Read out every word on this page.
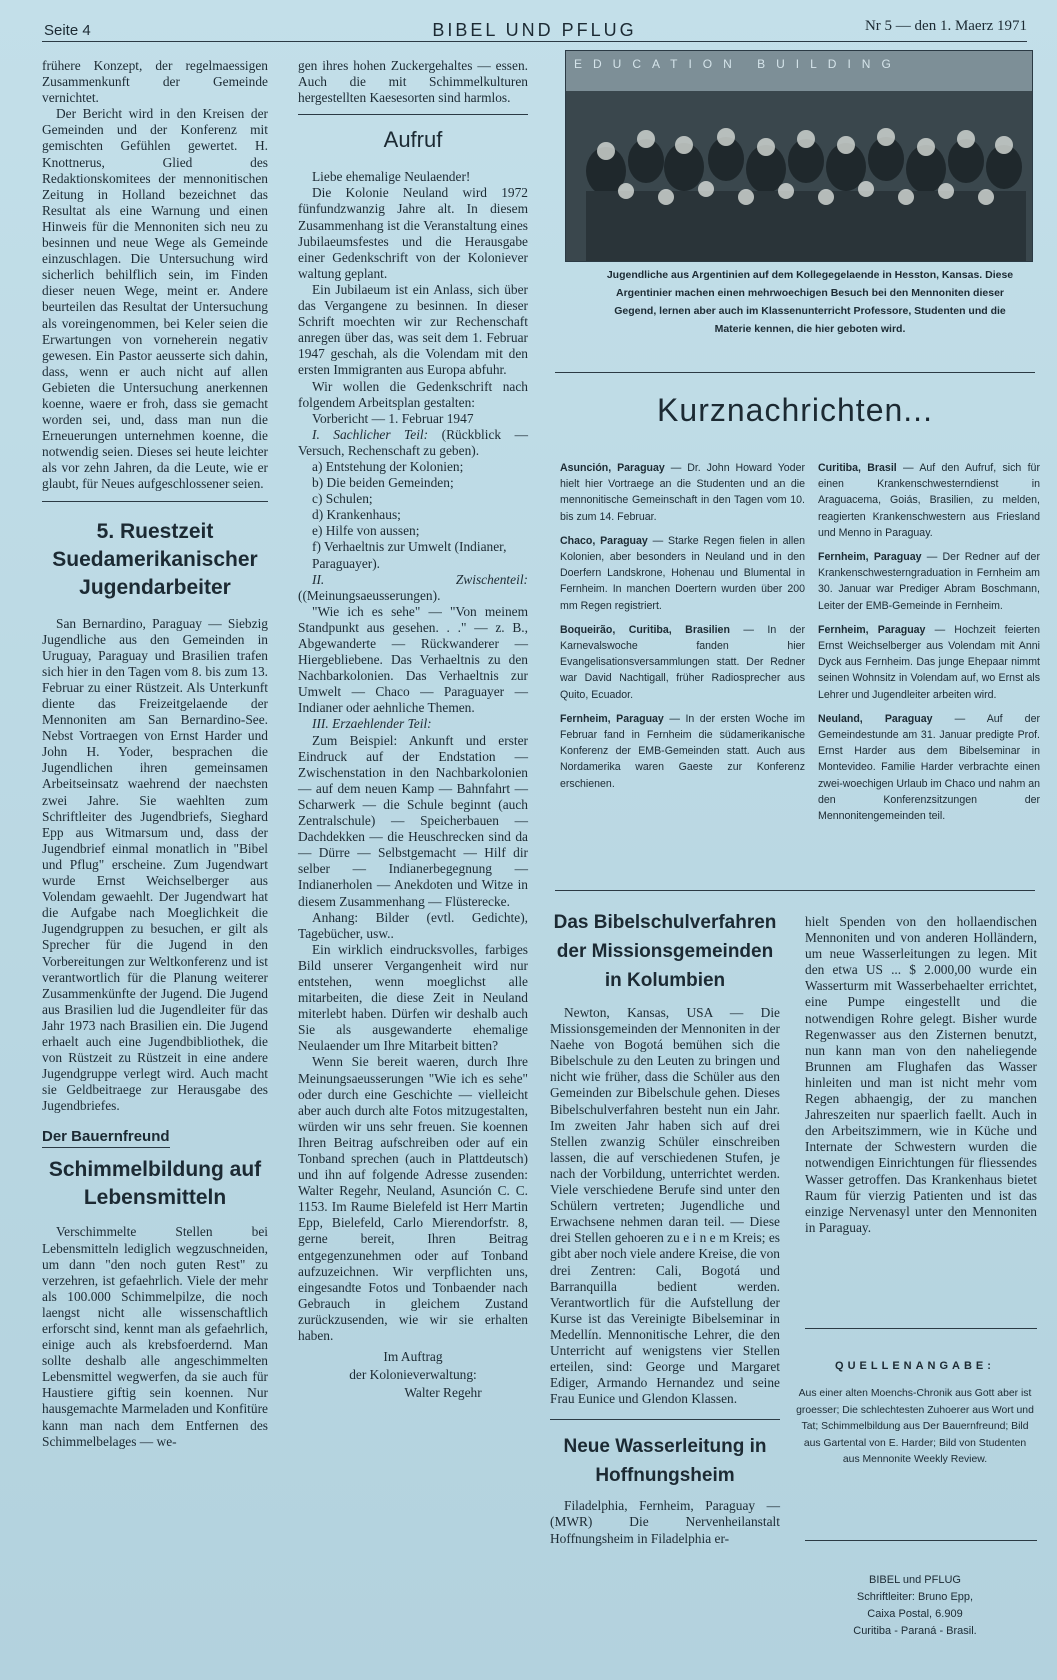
Seite 4	BIBEL UND PFLUG	Nr 5 — den 1. Maerz 1971

frühere Konzept, der regelmaessigen Zusammenkunft der Gemeinde vernichtet.

Der Bericht wird in den Kreisen der Gemeinden und der Konferenz mit gemischten Gefühlen gewertet. H. Knottnerus, Glied des Redaktionskomitees der mennonitischen Zeitung in Holland bezeichnet das Resultat als eine Warnung und einen Hinweis für die Mennoniten sich neu zu besinnen und neue Wege als Gemeinde einzuschlagen. Die Untersuchung wird sicherlich behilflich sein, im Finden dieser neuen Wege, meint er. Andere beurteilen das Resultat der Untersuchung als voreingenommen, bei Keler seien die Erwartungen von vorneherein negativ gewesen. Ein Pastor aeusserte sich dahin, dass, wenn er auch nicht auf allen Gebieten die Untersuchung anerkennen koenne, waere er froh, dass sie gemacht worden sei, und, dass man nun die Erneuerungen unternehmen koenne, die notwendig seien. Dieses sei heute leichter als vor zehn Jahren, da die Leute, wie er glaubt, für Neues aufgeschlossener seien.

5. Ruestzeit Suedamerikanischer Jugendarbeiter

San Bernardino, Paraguay — Siebzig Jugendliche aus den Gemeinden in Uruguay, Paraguay und Brasilien trafen sich hier in den Tagen vom 8. bis zum 13. Februar zu einer Rüstzeit. Als Unterkunft diente das Freizeitgelaende der Mennoniten am San Bernardino-See. Nebst Vortraegen von Ernst Harder und John H. Yoder, besprachen die Jugendlichen ihren gemeinsamen Arbeitseinsatz waehrend der naechsten zwei Jahre. Sie waehlten zum Schriftleiter des Jugendbriefs, Sieghard Epp aus Witmarsum und, dass der Jugendbrief einmal monatlich in "Bibel und Pflug" erscheine. Zum Jugendwart wurde Ernst Weichselberger aus Volendam gewaehlt. Der Jugendwart hat die Aufgabe nach Moeglichkeit die Jugendgruppen zu besuchen, er gilt als Sprecher für die Jugend in den Vorbereitungen zur Weltkonferenz und ist verantwortlich für die Planung weiterer Zusammenkünfte der Jugend. Die Jugend aus Brasilien lud die Jugendleiter für das Jahr 1973 nach Brasilien ein. Die Jugend erhaelt auch eine Jugendbibliothek, die von Rüstzeit zu Rüstzeit in eine andere Jugendgruppe verlegt wird. Auch macht sie Geldbeitraege zur Herausgabe des Jugendbriefes.

Der Bauernfreund
Schimmelbildung auf Lebensmitteln

Verschimmelte Stellen bei Lebensmitteln lediglich wegzuschneiden, um dann "den noch guten Rest" zu verzehren, ist gefaehrlich. Viele der mehr als 100.000 Schimmelpilze, die noch laengst nicht alle wissenschaftlich erforscht sind, kennt man als gefaehrlich, einige auch als krebsfoerdernd. Man sollte deshalb alle angeschimmelten Lebensmittel wegwerfen, da sie auch für Haustiere giftig sein koennen. Nur hausgemachte Marmeladen und Konfitüre kann man nach dem Entfernen des Schimmelbelages — we-

gen ihres hohen Zuckergehaltes — essen. Auch die mit Schimmelkulturen hergestellten Kaesesorten sind harmlos.

Aufruf

Liebe ehemalige Neulaender!

Die Kolonie Neuland wird 1972 fünfundzwanzig Jahre alt. In diesem Zusammenhang ist die Veranstaltung eines Jubilaeumsfestes und die Herausgabe einer Gedenkschrift von der Koloniever waltung geplant.

Ein Jubilaeum ist ein Anlass, sich über das Vergangene zu besinnen. In dieser Schrift moechten wir zur Rechenschaft anregen über das, was seit dem 1. Februar 1947 geschah, als die Volendam mit den ersten Immigranten aus Europa abfuhr.

Wir wollen die Gedenkschrift nach folgendem Arbeitsplan gestalten:

Vorbericht — 1. Februar 1947

I. Sachlicher Teil: (Rückblick — Versuch, Rechenschaft zu geben).

a) Entstehung der Kolonien;
b) Die beiden Gemeinden;
c) Schulen;
d) Krankenhaus;
e) Hilfe von aussen;
f) Verhaeltnis zur Umwelt (Indianer, Paraguayer).

II. Zwischenteil: ((Meinungsaeusserungen).

"Wie ich es sehe" — "Von meinem Standpunkt aus gesehen. . ." — z. B., Abgewanderte — Rückwanderer — Hiergebliebene. Das Verhaeltnis zu den Nachbarkolonien. Das Verhaeltnis zur Umwelt — Chaco — Paraguayer — Indianer oder aehnliche Themen.

III. Erzaehlender Teil:

Zum Beispiel: Ankunft und erster Eindruck auf der Endstation — Zwischenstation in den Nachbarkolonien — auf dem neuen Kamp — Bahnfahrt — Scharwerk — die Schule beginnt (auch Zentralschule) — Speicherbauen — Dachdekken — die Heuschrecken sind da — Dürre — Selbstgemacht — Hilf dir selber — Indianerbegegnung — Indianerholen — Anekdoten und Witze in diesem Zusammenhang — Flüsterecke.

Anhang: Bilder (evtl. Gedichte), Tagebücher, usw..

Ein wirklich eindrucksvolles, farbiges Bild unserer Vergangenheit wird nur entstehen, wenn moeglichst alle mitarbeiten, die diese Zeit in Neuland miterlebt haben. Dürfen wir deshalb auch Sie als ausgewanderte ehemalige Neulaender um Ihre Mitarbeit bitten?

Wenn Sie bereit waeren, durch Ihre Meinungsaeusserungen "Wie ich es sehe" oder durch eine Geschichte — vielleicht aber auch durch alte Fotos mitzugestalten, würden wir uns sehr freuen. Sie koennen Ihren Beitrag aufschreiben oder auf ein Tonband sprechen (auch in Plattdeutsch) und ihn auf folgende Adresse zusenden: Walter Regehr, Neuland, Asunción C. C. 1153. Im Raume Bielefeld ist Herr Martin Epp, Bielefeld, Carlo Mierendorfstr. 8, gerne bereit, Ihren Beitrag entgegenzunehmen oder auf Tonband aufzuzeichnen. Wir verpflichten uns, eingesandte Fotos und Tonbaender nach Gebrauch in gleichem Zustand zurückzusenden, wie wir sie erhalten haben.

Im Auftrag
der Kolonieverwaltung:
Walter Regehr
EDUCATION BUILDING
Jugendliche aus Argentinien auf dem Kollegegelaende in Hesston, Kansas. Diese Argentinier machen einen mehrwoechigen Besuch bei den Mennoniten dieser Gegend, lernen aber auch im Klassenunterricht Professore, Studenten und die Materie kennen, die hier geboten wird.
Kurznachrichten...

Asunción, Paraguay — Dr. John Howard Yoder hielt hier Vortraege an die Studenten und an die mennonitische Gemeinschaft in den Tagen vom 10. bis zum 14. Februar.

Chaco, Paraguay — Starke Regen fielen in allen Kolonien, aber besonders in Neuland und in den Doerfern Landskrone, Hohenau und Blumental in Fernheim. In manchen Doertern wurden über 200 mm Regen registriert.

Boqueirão, Curitiba, Brasilien — In der Karnevalswoche fanden hier Evangelisationsversammlungen statt. Der Redner war David Nachtigall, früher Radiosprecher aus Quito, Ecuador.

Fernheim, Paraguay — In der ersten Woche im Februar fand in Fernheim die südamerikanische Konferenz der EMB-Gemeinden statt. Auch aus Nordamerika waren Gaeste zur Konferenz erschienen.

Curitiba, Brasil — Auf den Aufruf, sich für einen Krankenschwesterndienst in Araguacema, Goiás, Brasilien, zu melden, reagierten Krankenschwestern aus Friesland und Menno in Paraguay.

Fernheim, Paraguay — Der Redner auf der Krankenschwesterngraduation in Fernheim am 30. Januar war Prediger Abram Boschmann, Leiter der EMB-Gemeinde in Fernheim.

Fernheim, Paraguay — Hochzeit feierten Ernst Weichselberger aus Volendam mit Anni Dyck aus Fernheim. Das junge Ehepaar nimmt seinen Wohnsitz in Volendam auf, wo Ernst als Lehrer und Jugendleiter arbeiten wird.

Neuland, Paraguay — Auf der Gemeindestunde am 31. Januar predigte Prof. Ernst Harder aus dem Bibelseminar in Montevideo. Familie Harder verbrachte einen zwei-woechigen Urlaub im Chaco und nahm an den Konferenzsitzungen der Mennonitengemeinden teil.

Das Bibelschulverfahren der Missionsgemeinden in Kolumbien

Newton, Kansas, USA — Die Missionsgemeinden der Mennoniten in der Naehe von Bogotá bemühen sich die Bibelschule zu den Leuten zu bringen und nicht wie früher, dass die Schüler aus den Gemeinden zur Bibelschule gehen. Dieses Bibelschulverfahren besteht nun ein Jahr. Im zweiten Jahr haben sich auf drei Stellen zwanzig Schüler einschreiben lassen, die auf verschiedenen Stufen, je nach der Vorbildung, unterrichtet werden. Viele verschiedene Berufe sind unter den Schülern vertreten; Jugendliche und Erwachsene nehmen daran teil. — Diese drei Stellen gehoeren zu e i n e m Kreis; es gibt aber noch viele andere Kreise, die von drei Zentren: Cali, Bogotá und Barranquilla bedient werden. Verantwortlich für die Aufstellung der Kurse ist das Vereinigte Bibelseminar in Medellín. Mennonitische Lehrer, die den Unterricht auf wenigstens vier Stellen erteilen, sind: George und Margaret Ediger, Armando Hernandez und seine Frau Eunice und Glendon Klassen.

Neue Wasserleitung in Hoffnungsheim

Filadelphia, Fernheim, Paraguay — (MWR) Die Nervenheilanstalt Hoffnungsheim in Filadelphia er-

hielt Spenden von den hollaendischen Mennoniten und von anderen Holländern, um neue Wasserleitungen zu legen. Mit den etwa US ... $ 2.000,00 wurde ein Wasserturm mit Wasserbehaelter errichtet, eine Pumpe eingestellt und die notwendigen Rohre gelegt. Bisher wurde Regenwasser aus den Zisternen benutzt, nun kann man von den naheliegende Brunnen am Flughafen das Wasser hinleiten und man ist nicht mehr vom Regen abhaengig, der zu manchen Jahreszeiten nur spaerlich faellt. Auch in den Arbeitszimmern, wie in Küche und Internate der Schwestern wurden die notwendigen Einrichtungen für fliessendes Wasser getroffen. Das Krankenhaus bietet Raum für vierzig Patienten und ist das einzige Nervenasyl unter den Mennoniten in Paraguay.

QUELLENANGABE:

Aus einer alten Moenchs-Chronik aus Gott aber ist groesser; Die schlechtesten Zuhoerer aus Wort und Tat; Schimmelbildung aus Der Bauernfreund; Bild aus Gartental von E. Harder; Bild von Studenten aus Mennonite Weekly Review.

BIBEL und PFLUG
Schriftleiter: Bruno Epp,
Caixa Postal, 6.909
Curitiba - Paraná - Brasil.
